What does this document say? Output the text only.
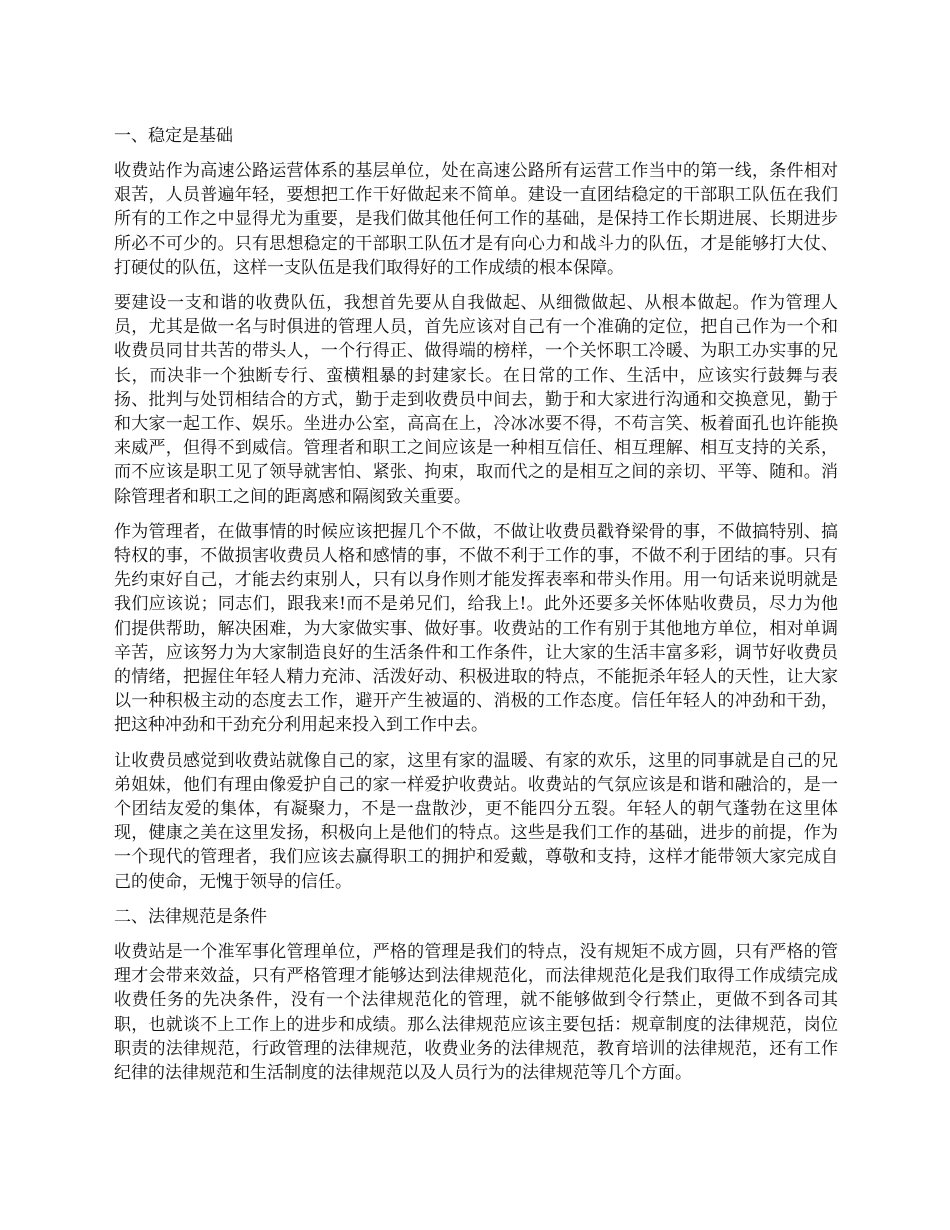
一、稳定是基础

收费站作为高速公路运营体系的基层单位，处在高速公路所有运营工作当中的第一线，条件相对艰苦，人员普遍年轻，要想把工作干好做起来不简单。建设一直团结稳定的干部职工队伍在我们所有的工作之中显得尤为重要，是我们做其他任何工作的基础，是保持工作长期进展、长期进步所必不可少的。只有思想稳定的干部职工队伍才是有向心力和战斗力的队伍，才是能够打大仗、打硬仗的队伍，这样一支队伍是我们取得好的工作成绩的根本保障。

要建设一支和谐的收费队伍，我想首先要从自我做起、从细微做起、从根本做起。作为管理人员，尤其是做一名与时俱进的管理人员，首先应该对自己有一个准确的定位，把自己作为一个和收费员同甘共苦的带头人，一个行得正、做得端的榜样，一个关怀职工冷暖、为职工办实事的兄长，而决非一个独断专行、蛮横粗暴的封建家长。在日常的工作、生活中，应该实行鼓舞与表扬、批判与处罚相结合的方式，勤于走到收费员中间去，勤于和大家进行沟通和交换意见，勤于和大家一起工作、娱乐。坐进办公室，高高在上，冷冰冰要不得，不苟言笑、板着面孔也许能换来威严，但得不到威信。管理者和职工之间应该是一种相互信任、相互理解、相互支持的关系，而不应该是职工见了领导就害怕、紧张、拘束，取而代之的是相互之间的亲切、平等、随和。消除管理者和职工之间的距离感和隔阂致关重要。

作为管理者，在做事情的时候应该把握几个不做，不做让收费员戳脊梁骨的事，不做搞特别、搞特权的事，不做损害收费员人格和感情的事，不做不利于工作的事，不做不利于团结的事。只有先约束好自己，才能去约束别人，只有以身作则才能发挥表率和带头作用。用一句话来说明就是我们应该说；同志们，跟我来!而不是弟兄们，给我上!。此外还要多关怀体贴收费员，尽力为他们提供帮助，解决困难，为大家做实事、做好事。收费站的工作有别于其他地方单位，相对单调辛苦，应该努力为大家制造良好的生活条件和工作条件，让大家的生活丰富多彩，调节好收费员的情绪，把握住年轻人精力充沛、活泼好动、积极进取的特点，不能扼杀年轻人的天性，让大家以一种积极主动的态度去工作，避开产生被逼的、消极的工作态度。信任年轻人的冲劲和干劲，把这种冲劲和干劲充分利用起来投入到工作中去。

让收费员感觉到收费站就像自己的家，这里有家的温暖、有家的欢乐，这里的同事就是自己的兄弟姐妹，他们有理由像爱护自己的家一样爱护收费站。收费站的气氛应该是和谐和融洽的，是一个团结友爱的集体，有凝聚力，不是一盘散沙，更不能四分五裂。年轻人的朝气蓬勃在这里体现，健康之美在这里发扬，积极向上是他们的特点。这些是我们工作的基础，进步的前提，作为一个现代的管理者，我们应该去赢得职工的拥护和爱戴，尊敬和支持，这样才能带领大家完成自己的使命，无愧于领导的信任。

二、法律规范是条件

收费站是一个准军事化管理单位，严格的管理是我们的特点，没有规矩不成方圆，只有严格的管理才会带来效益，只有严格管理才能够达到法律规范化，而法律规范化是我们取得工作成绩完成收费任务的先决条件，没有一个法律规范化的管理，就不能够做到令行禁止，更做不到各司其职，也就谈不上工作上的进步和成绩。那么法律规范应该主要包括：规章制度的法律规范，岗位职责的法律规范，行政管理的法律规范，收费业务的法律规范，教育培训的法律规范，还有工作纪律的法律规范和生活制度的法律规范以及人员行为的法律规范等几个方面。
